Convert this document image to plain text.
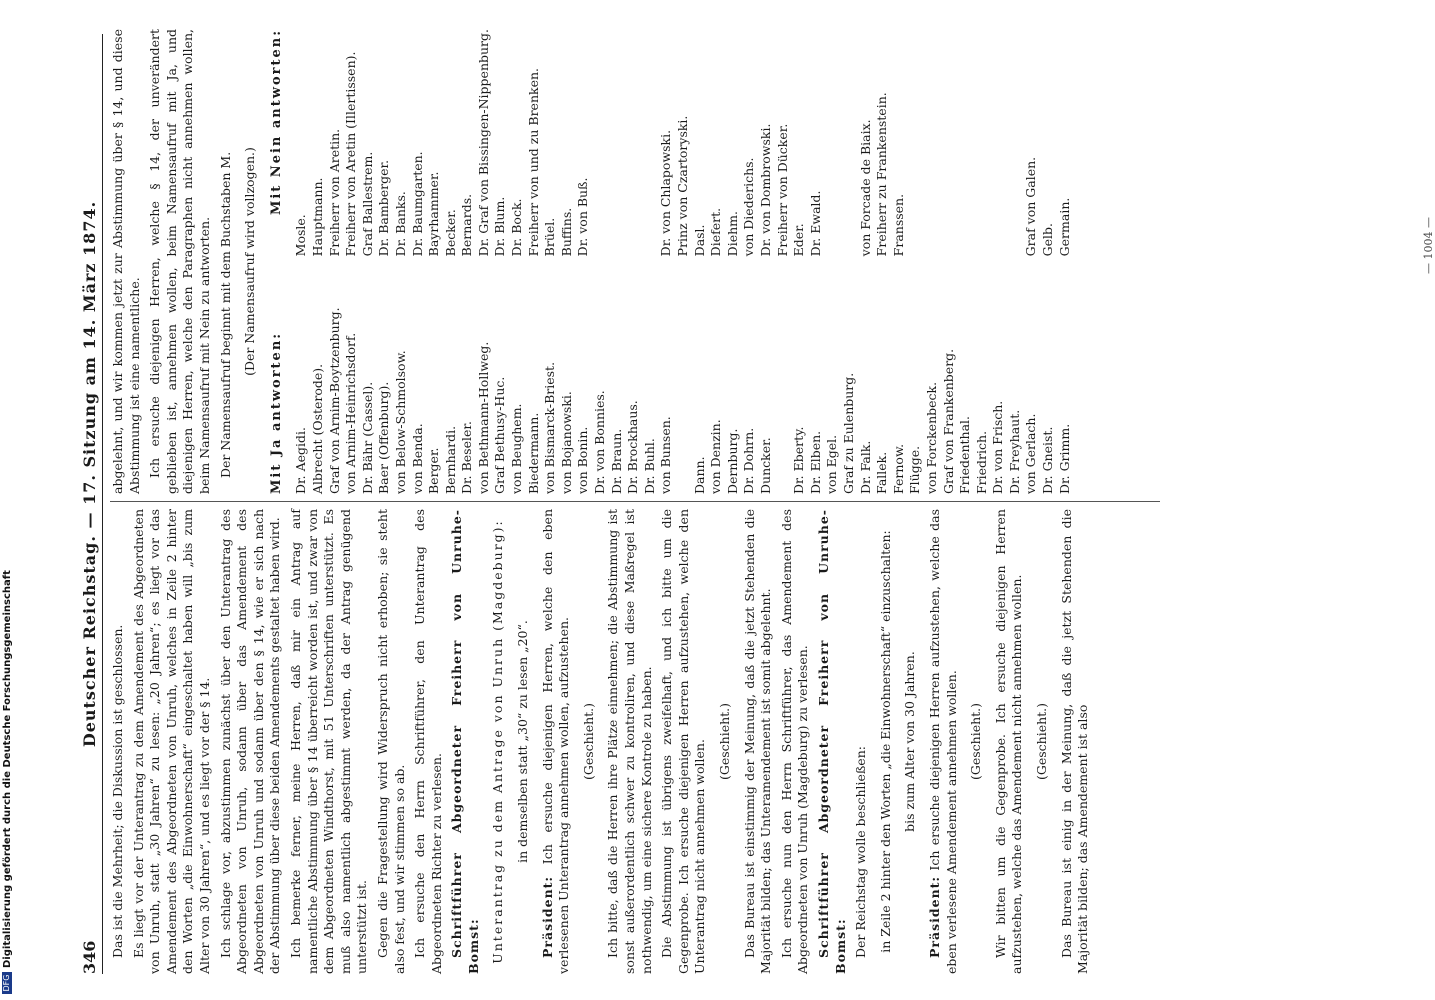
DFG
Digitalisierung gefördert durch die Deutsche Forschungsgemeinschaft	346
Deutscher Reichstag. — 17. Sitzung am 14. März 1874.

Das ist die Mehrheit; die Diskussion ist geschlossen. Es liegt vor der Unterantrag zu dem Amendement des Abgeordneten von Unruh, statt „30 Jahren“ zu lesen: „20 Jahren“; es liegt vor das Amendement des Abgeordneten von Unruh, welches in Zeile 2 hinter den Worten „die Einwohnerschaft“ eingeschaltet haben will „bis zum Alter von 30 Jahren“, und es liegt vor der § 14. Ich schlage vor, abzustimmen zunächst über den Unterantrag des Abgeordneten von Unruh, sodann über das Amendement des Abgeordneten von Unruh und sodann über den § 14, wie er sich nach der Abstimmung über diese beiden Amendements gestaltet haben wird. Ich bemerke ferner, meine Herren, daß mir ein Antrag auf namentliche Abstimmung über § 14 überreicht worden ist, und zwar von dem Abgeordneten Windthorst, mit 51 Unterschriften unterstützt. Es muß also namentlich abgestimmt werden, da der Antrag genügend unterstützt ist. Gegen die Fragestellung wird Widerspruch nicht erhoben; sie steht also fest, und wir stimmen so ab. Ich ersuche den Herrn Schriftführer, den Unterantrag des Abgeordneten Richter zu verlesen. Schriftführer Abgeordneter Freiherr von Unruhe-Bomst: Unterantrag zu dem Antrage von Unruh (Magdeburg): in demselben statt „30“ zu lesen „20“.

Präsident: Ich ersuche diejenigen Herren, welche den eben verlesenen Unterantrag annehmen wollen, aufzustehen. (Geschieht.) Ich bitte, daß die Herren ihre Plätze einnehmen; die Abstimmung ist sonst außerordentlich schwer zu kontroliren, und diese Maßregel ist nothwendig, um eine sichere Kontrole zu haben. Die Abstimmung ist übrigens zweifelhaft, und ich bitte um die Gegenprobe. Ich ersuche diejenigen Herren aufzustehen, welche den Unterantrag nicht annehmen wollen. (Geschieht.) Das Bureau ist einstimmig der Meinung, daß die jetzt Stehenden die Majorität bilden; das Unteramendement ist somit abgelehnt. Ich ersuche nun den Herrn Schriftführer, das Amendement des Abgeordneten von Unruh (Magdeburg) zu verlesen. Schriftführer Abgeordneter Freiherr von Unruhe-Bomst: Der Reichstag wolle beschließen: in Zeile 2 hinter den Worten „die Einwohnerschaft“ einzuschalten: bis zum Alter von 30 Jahren.

Präsident: Ich ersuche diejenigen Herren aufzustehen, welche das eben verlesene Amendement annehmen wollen. (Geschieht.) Wir bitten um die Gegenprobe. Ich ersuche diejenigen Herren aufzustehen, welche das Amendement nicht annehmen wollen. (Geschieht.) Das Bureau ist einig in der Meinung, daß die jetzt Stehenden die Majorität bilden; das Amendement ist also

abgelehnt, und wir kommen jetzt zur Abstimmung über § 14, und diese Abstimmung ist eine namentliche. Ich ersuche diejenigen Herren, welche § 14, der unverändert geblieben ist, annehmen wollen, beim Namensaufruf mit Ja, und diejenigen Herren, welche den Paragraphen nicht annehmen wollen, beim Namensaufruf mit Nein zu antworten. Der Namensaufruf beginnt mit dem Buchstaben M. (Der Namensaufruf wird vollzogen.)

Mit Ja antworten:
Mit Nein antworten:
Dr. Aegidi.
Mosle.
Albrecht (Osterode).
Hauptmann.
Graf von Arnim-Boytzenburg.
Freiherr von Aretin.
von Arnim-Heinrichsdorf.
Freiherr von Aretin (Illertissen).
Dr. Bähr (Cassel).
Graf Ballestrem.
Baer (Offenburg).
Dr. Bamberger.
von Below-Schmolsow.
Dr. Banks.
von Benda.
Dr. Baumgarten.
Berger.
Bayrhammer.
Bernhardi.
Becker.
Dr. Beseler.
Bernards.
von Bethmann-Hollweg.
Dr. Graf von Bissingen-Nippenburg.
Graf Bethusy-Huc.
Dr. Blum.
von Beughem.
Dr. Bock.
Biedermann.
Freiherr von und zu Brenken.
von Bismarck-Briest.
Brüel.
von Bojanowski.
Buffins.
von Bonin.
Dr. von Buß.
Dr. von Bonnies. Dr. Braun. Dr. Brockhaus. Dr. Buhl. von Bunsen.
Dr. von Chlapowski. Prinz von Czartoryski.
Dann.
Dasl.
von Denzin.
Diefert.
Dernburg.
Diehm.
Dr. Dohrn.
von Diederichs.
Duncker.
Dr. von Dombrowski. Freiherr von Dücker.
Dr. Eberty.
Eder.
Dr. Elben.
Dr. Ewald.
von Egel. Graf zu Eulenburg. Dr. Falk.
von Forcade de Biaix.
Fallek.
Freiherr zu Frankenstein.
Fernow.
Franssen.
Flügge. von Forckenbeck. Graf von Frankenberg. Friedenthal. Friedrich. Dr. von Frisch. Dr. Freyhaut. von Gerlach.
Graf von Galen.
Dr. Gneist.
Gelb.
Dr. Grimm.
Germain.	— 1004 —
